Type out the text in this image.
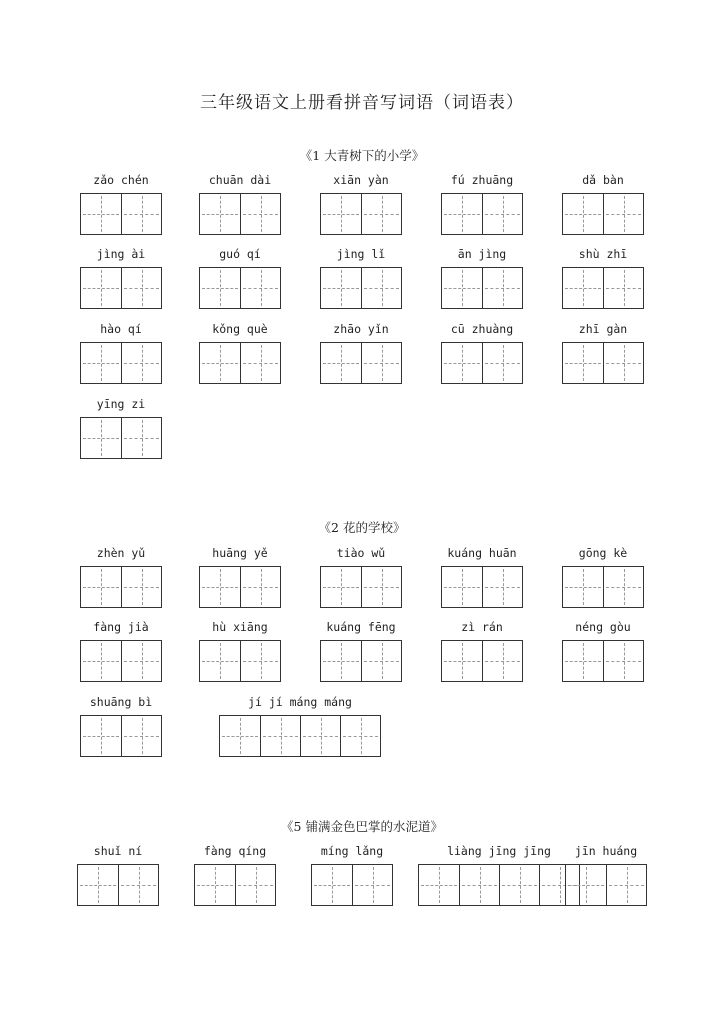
三年级语文上册看拼音写词语（词语表）
《1 大青树下的小学》
《2 花的学校》
《5 铺满金色巴掌的水泥道》
zǎo chén	chuān dài	xiān yàn	fú zhuāng	dǎ bàn
jìng ài	guó qí	jìng lǐ	ān jìng	shù zhī
hào qí	kǒng què	zhāo yǐn	cū zhuàng	zhī gàn
yīng zi
zhèn yǔ	huāng yě	tiào wǔ	kuáng huān	gōng kè
fàng jià	hù xiāng	kuáng fēng	zì rán	néng gòu
shuāng bì	jí jí máng máng
shuǐ ní	fàng qíng	míng lǎng	liàng jīng jīng	jīn huáng
